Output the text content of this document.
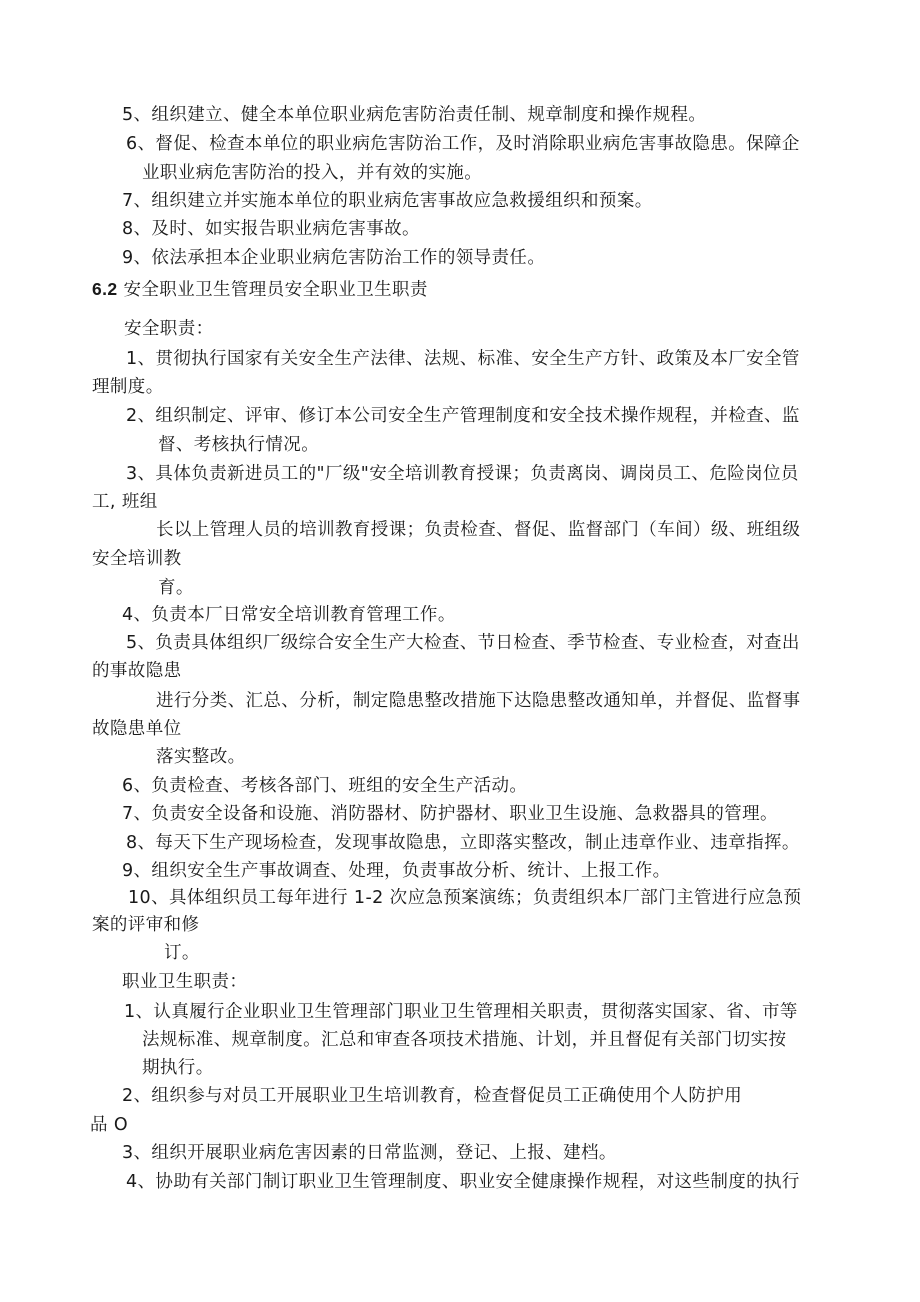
5、组织建立、健全本单位职业病危害防治责任制、规章制度和操作规程。
6、督促、检查本单位的职业病危害防治工作，及时消除职业病危害事故隐患。保障企
业职业病危害防治的投入，并有效的实施。
7、组织建立并实施本单位的职业病危害事故应急救援组织和预案。
8、及时、如实报告职业病危害事故。
9、依法承担本企业职业病危害防治工作的领导责任。
6.2 安全职业卫生管理员安全职业卫生职责
安全职责：
1、贯彻执行国家有关安全生产法律、法规、标准、安全生产方针、政策及本厂安全管
理制度。
2、组织制定、评审、修订本公司安全生产管理制度和安全技术操作规程，并检查、监
督、考核执行情况。
3、具体负责新进员工的"厂级"安全培训教育授课；负责离岗、调岗员工、危险岗位员
工, 班组
长以上管理人员的培训教育授课；负责检查、督促、监督部门（车间）级、班组级
安全培训教
育。
4、负责本厂日常安全培训教育管理工作。
5、负责具体组织厂级综合安全生产大检查、节日检查、季节检查、专业检查，对查出
的事故隐患
进行分类、汇总、分析，制定隐患整改措施下达隐患整改通知单，并督促、监督事
故隐患单位
落实整改。
6、负责检查、考核各部门、班组的安全生产活动。
7、负责安全设备和设施、消防器材、防护器材、职业卫生设施、急救器具的管理。
8、每天下生产现场检查，发现事故隐患，立即落实整改，制止违章作业、违章指挥。
9、组织安全生产事故调查、处理，负责事故分析、统计、上报工作。
10、具体组织员工每年进行 1-2 次应急预案演练；负责组织本厂部门主管进行应急预
案的评审和修
订。
职业卫生职责：
1、认真履行企业职业卫生管理部门职业卫生管理相关职责，贯彻落实国家、省、市等
法规标准、规章制度。汇总和审查各项技术措施、计划，并且督促有关部门切实按
期执行。
2、组织参与对员工开展职业卫生培训教育，检查督促员工正确使用个人防护用
品 O
3、组织开展职业病危害因素的日常监测，登记、上报、建档。
4、协助有关部门制订职业卫生管理制度、职业安全健康操作规程，对这些制度的执行
